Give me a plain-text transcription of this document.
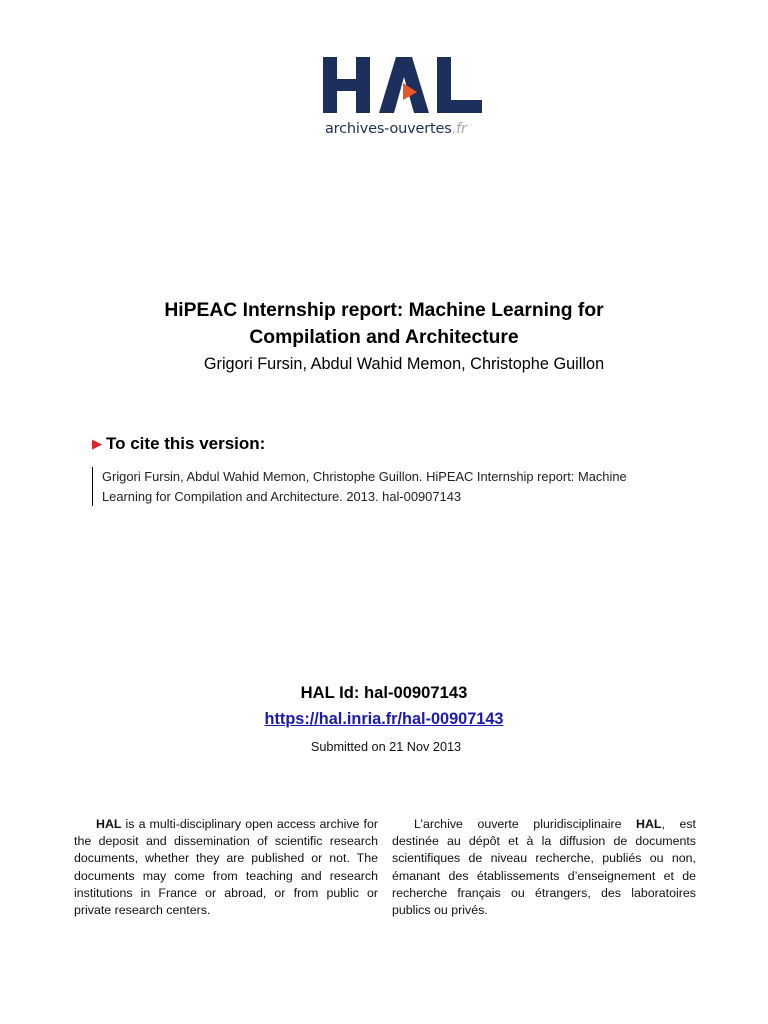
archives-ouvertes.fr
HiPEAC Internship report: Machine Learning for
Compilation and Architecture
Grigori Fursin, Abdul Wahid Memon, Christophe Guillon
▶ To cite this version:
Grigori Fursin, Abdul Wahid Memon, Christophe Guillon. HiPEAC Internship report: Machine
Learning for Compilation and Architecture. 2013. hal-00907143
HAL Id: hal-00907143
https://hal.inria.fr/hal-00907143
Submitted on 21 Nov 2013
HAL is a multi-disciplinary open access archive for the deposit and dissemination of scientific research documents, whether they are published or not. The documents may come from teaching and research institutions in France or abroad, or from public or private research centers.
L’archive ouverte pluridisciplinaire HAL, est destinée au dépôt et à la diffusion de documents scientifiques de niveau recherche, publiés ou non, émanant des établissements d’enseignement et de recherche français ou étrangers, des laboratoires publics ou privés.
